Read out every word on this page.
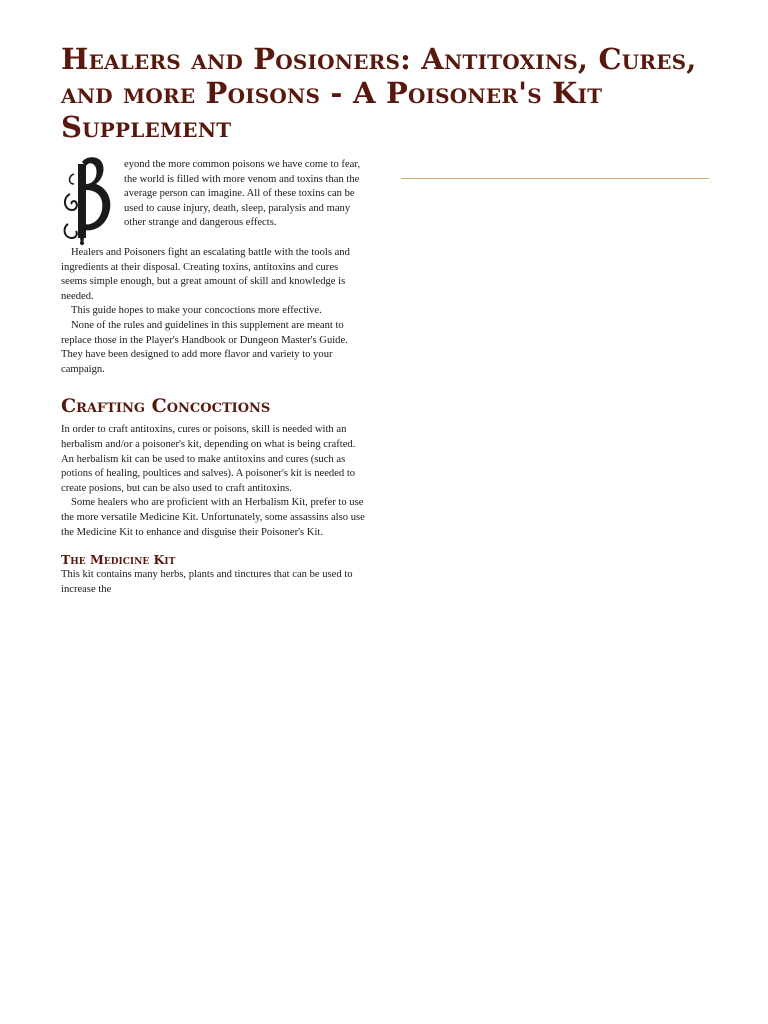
Healers and Posioners: Antitoxins, Cures, and more Poisons - A Poisoner's Kit Supplement

eyond the more common poisons we have come to fear, the world is filled with more venom and toxins than the average person can imagine. All of these toxins can be used to cause injury, death, sleep, paralysis and many other strange and dangerous effects.

Healers and Poisoners fight an escalating battle with the tools and ingredients at their disposal. Creating toxins, antitoxins and cures seems simple enough, but a great amount of skill and knowledge is needed.

This guide hopes to make your concoctions more effective.

None of the rules and guidelines in this supplement are meant to replace those in the Player's Handbook or Dungeon Master's Guide. They have been designed to add more flavor and variety to your campaign.

Crafting Concoctions

In order to craft antitoxins, cures or poisons, skill is needed with an herbalism and/or a poisoner's kit, depending on what is being crafted. An herbalism kit can be used to make antitoxins and cures (such as potions of healing, poultices and salves). A poisoner's kit is needed to create posions, but can be also used to craft antitoxins.

Some healers who are proficient with an Herbalism Kit, prefer to use the more versatile Medicine Kit. Unfortunately, some assassins also use the Medicine Kit to enhance and disguise their Poisoner's Kit.

The Medicine Kit

This kit contains many herbs, plants and tinctures that can be used to increase the
